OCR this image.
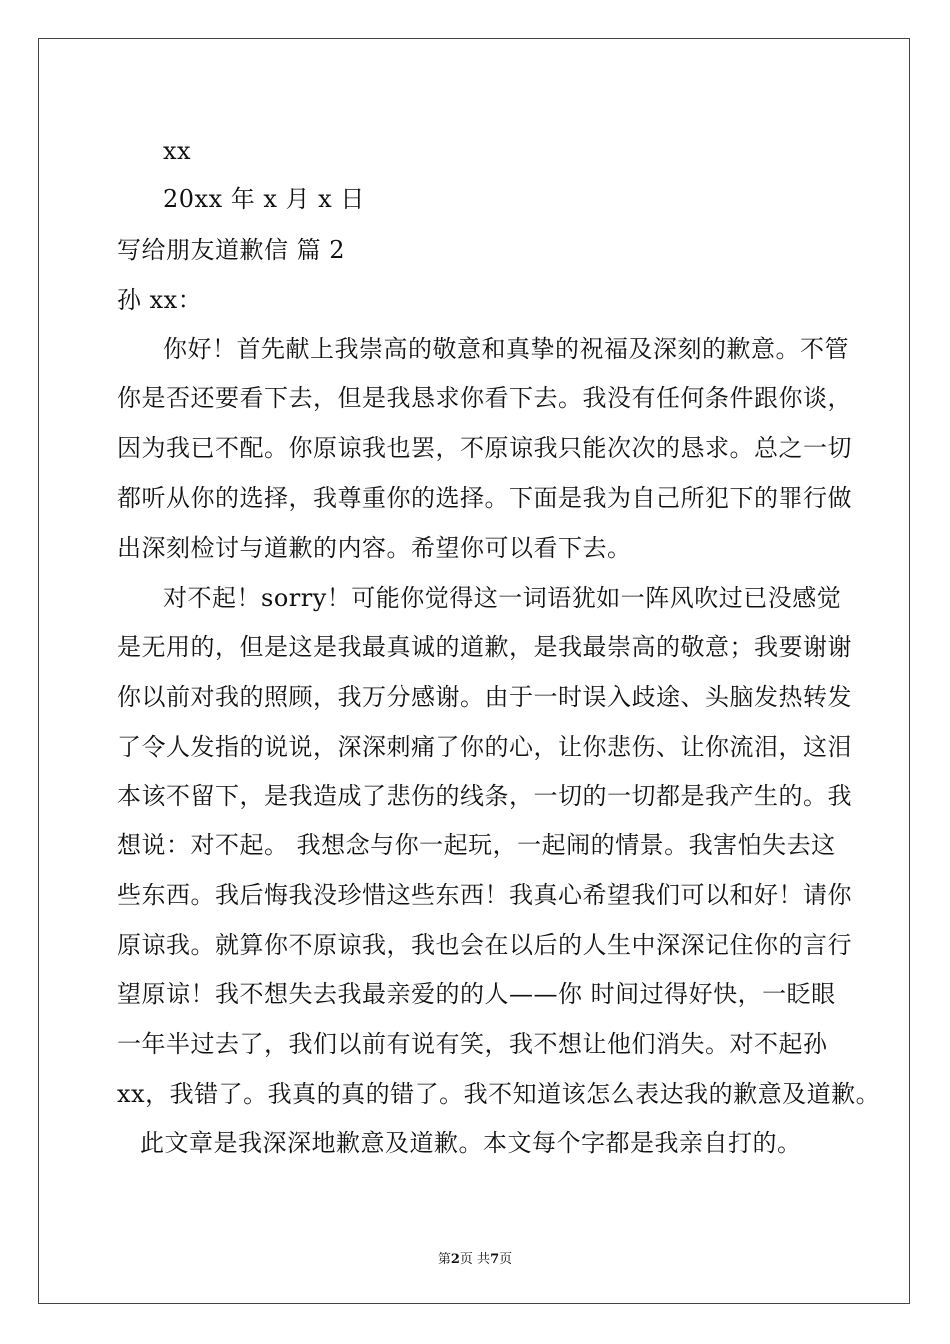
xx
20xx 年 x 月 x 日
写给朋友道歉信 篇 2
孙 xx：
你好！首先献上我崇高的敬意和真挚的祝福及深刻的歉意。不管
你是否还要看下去，但是我恳求你看下去。我没有任何条件跟你谈，
因为我已不配。你原谅我也罢，不原谅我只能次次的恳求。总之一切
都听从你的选择，我尊重你的选择。下面是我为自己所犯下的罪行做
出深刻检讨与道歉的内容。希望你可以看下去。
对不起！sorry！可能你觉得这一词语犹如一阵风吹过已没感觉
是无用的，但是这是我最真诚的道歉，是我最崇高的敬意；我要谢谢
你以前对我的照顾，我万分感谢。由于一时误入歧途、头脑发热转发
了令人发指的说说，深深刺痛了你的心，让你悲伤、让你流泪，这泪
本该不留下，是我造成了悲伤的线条，一切的一切都是我产生的。我
想说：对不起。 我想念与你一起玩，一起闹的情景。我害怕失去这
些东西。我后悔我没珍惜这些东西！我真心希望我们可以和好！请你
原谅我。就算你不原谅我，我也会在以后的人生中深深记住你的言行
望原谅！我不想失去我最亲爱的的人——你 时间过得好快，一眨眼
一年半过去了，我们以前有说有笑，我不想让他们消失。对不起孙
xx，我错了。我真的真的错了。我不知道该怎么表达我的歉意及道歉。
此文章是我深深地歉意及道歉。本文每个字都是我亲自打的。
第2页 共7页
